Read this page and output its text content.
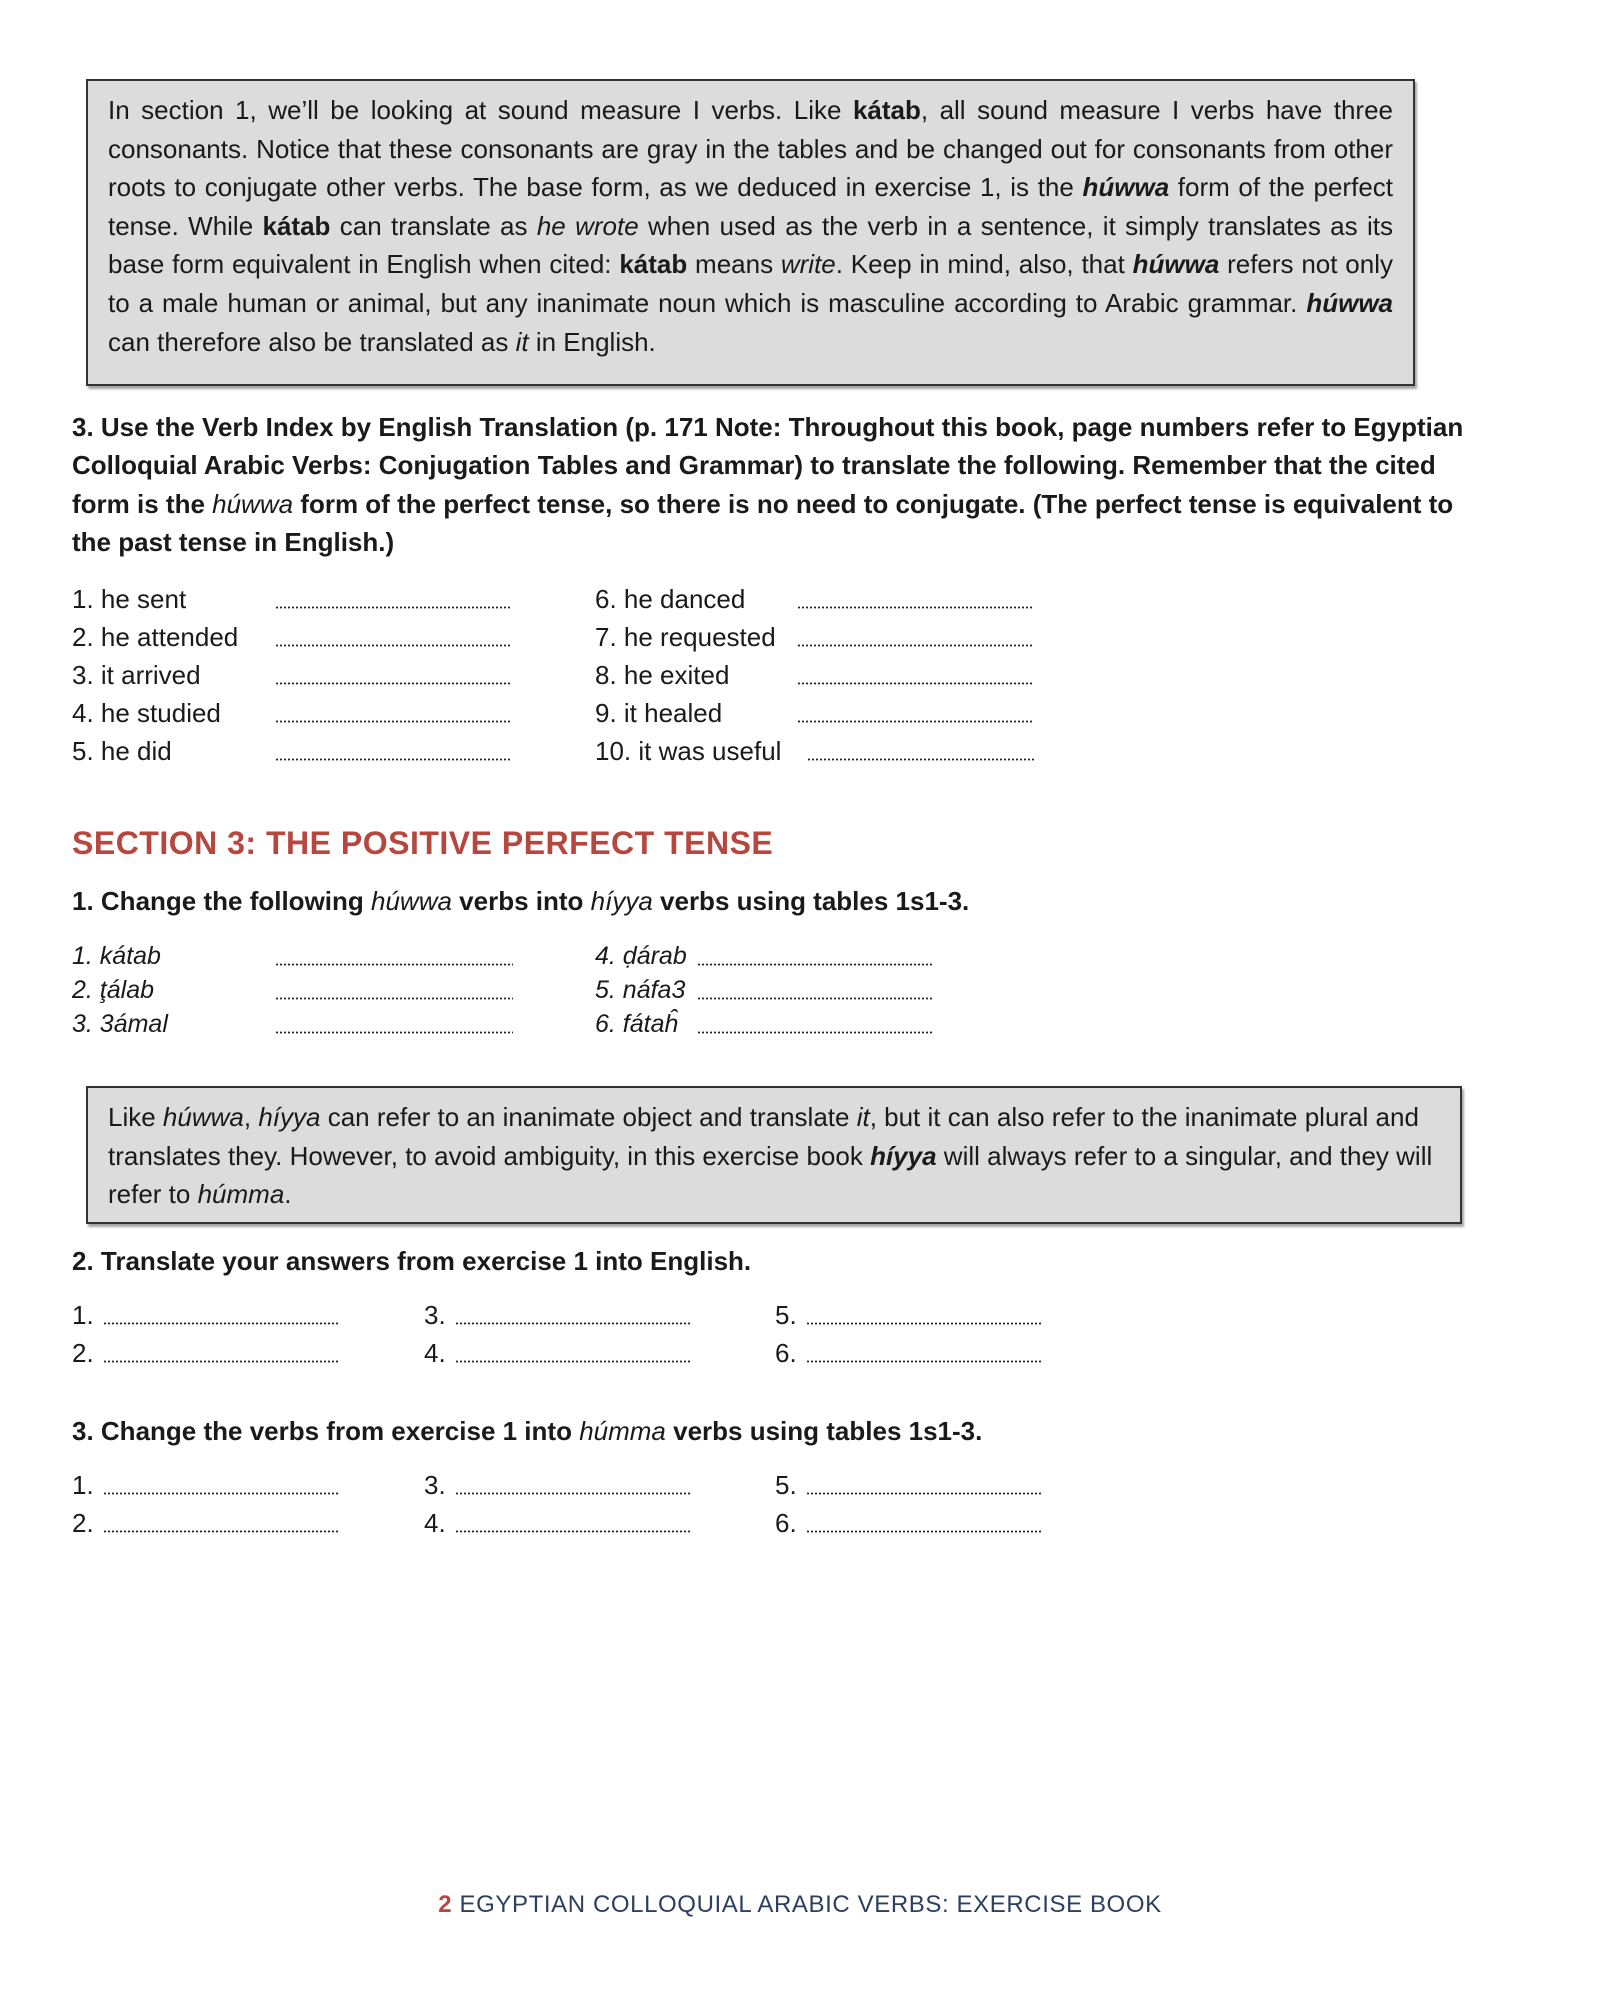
In section 1, we’ll be looking at sound measure I verbs. Like kátab, all sound measure I verbs have three consonants. Notice that these consonants are gray in the tables and be changed out for consonants from other roots to conjugate other verbs. The base form, as we deduced in exercise 1, is the húwwa form of the perfect tense. While kátab can translate as he wrote when used as the verb in a sentence, it simply translates as its base form equivalent in English when cited: kátab means write. Keep in mind, also, that húwwa refers not only to a male human or animal, but any inanimate noun which is masculine according to Arabic grammar. húwwa can therefore also be translated as it in English.

3. Use the Verb Index by English Translation (p. 171 Note: Throughout this book, page numbers refer to Egyptian Colloquial Arabic Verbs: Conjugation Tables and Grammar) to translate the following. Remember that the cited form is the húwwa form of the perfect tense, so there is no need to conjugate. (The perfect tense is equivalent to the past tense in English.)

1. he sent
2. he attended
3. it arrived
4. he studied
5. he did
6. he danced
7. he requested
8. he exited
9. it healed
10. it was useful
SECTION 3: THE POSITIVE PERFECT TENSE

1. Change the following húwwa verbs into híyya verbs using tables 1s1-3.

1. kátab
2. ţálab
3. 3ámal
4. ḍárab
5. náfa3
6. fátaĥ

Like húwwa, híyya can refer to an inanimate object and translate it, but it can also refer to the inanimate plural and translates they. However, to avoid ambiguity, in this exercise book híyya will always refer to a singular, and they will refer to húmma.

2. Translate your answers from exercise 1 into English.

1.
2.
3.
4.
5.
6.

3. Change the verbs from exercise 1 into húmma verbs using tables 1s1-3.

1.
2.
3.
4.
5.
6.
2 EGYPTIAN COLLOQUIAL ARABIC VERBS: EXERCISE BOOK
